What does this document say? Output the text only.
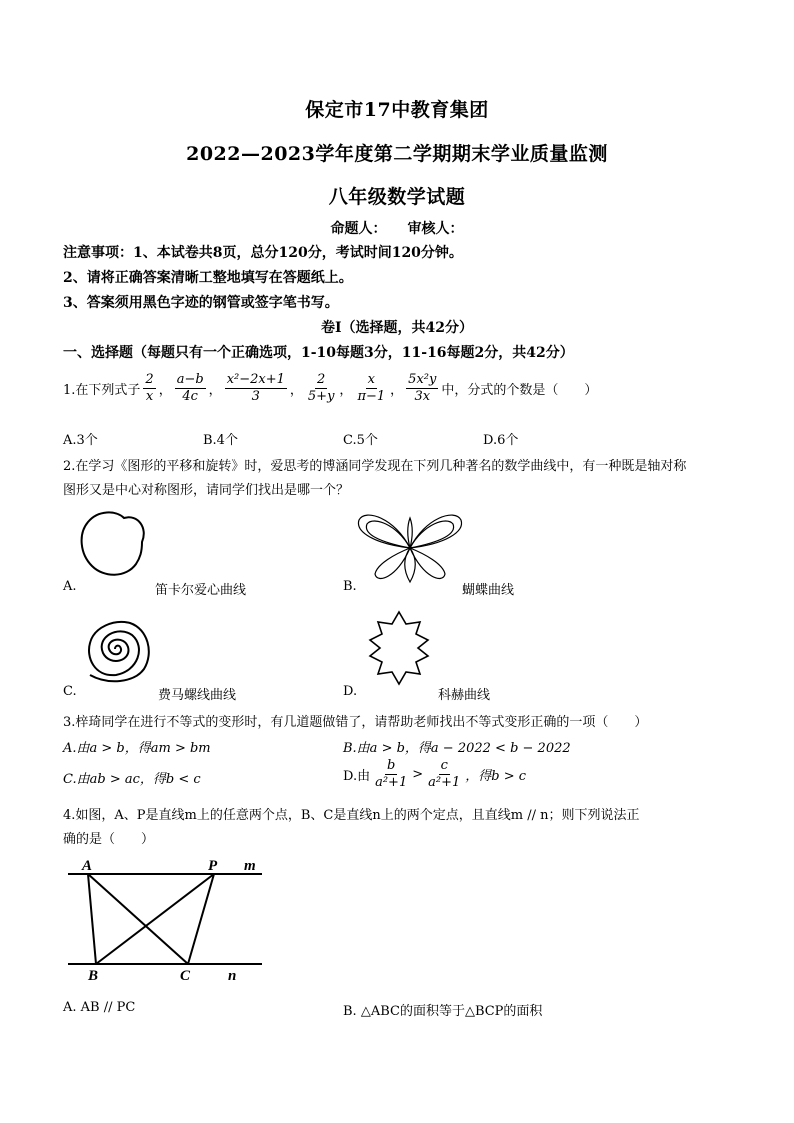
保定市17中教育集团
2022—2023学年度第二学期期末学业质量监测
八年级数学试题
命题人：　　审核人：
注意事项：1、本试卷共8页，总分120分，考试时间120分钟。
2、请将正确答案清晰工整地填写在答题纸上。
3、答案须用黑色字迹的钢管或签字笔书写。
卷Ⅰ（选择题，共42分）
一、选择题（每题只有一个正确选项，1-10每题3分，11-16每题2分，共42分）
1.在下列式子 $\frac{2}{x}$ ， $\frac{a-b}{4c}$ ， $\frac{\text{x²−2x+1}}{3}$ ， $\frac{2}{5+y}$ ， $\frac{x}{\pi-1}$ ， $\frac{\text{5x²y}}{3x}$ 中，分式的个数是（　　）
A.3个	B.4个	C.5个	D.6个
2.在学习《图形的平移和旋转》时，爱思考的博涵同学发现在下列几种著名的数学曲线中，有一种既是轴对称
图形又是中心对称图形，请同学们找出是哪一个？
A.	笛卡尔爱心曲线	B.	蝴蝶曲线
C.	费马螺线曲线	D.	科赫曲线
3.梓琦同学在进行不等式的变形时，有几道题做错了，请帮助老师找出不等式变形正确的一项（　　）
A.由a > b，得am > bm	B.由a > b，得a − 2022 < b − 2022
C.由ab > ac，得b < c	D.由 $\frac{b}{\text{a²+1}} > \frac{c}{\text{a²+1}}$ ，得b > c
4.如图，A、P是直线m上的任意两个点，B、C是直线n上的两个定点，且直线m // n；则下列说法正
确的是（　　）
A	P m
B	C	n
A. AB // PC	B. △ABC的面积等于△BCP的面积
